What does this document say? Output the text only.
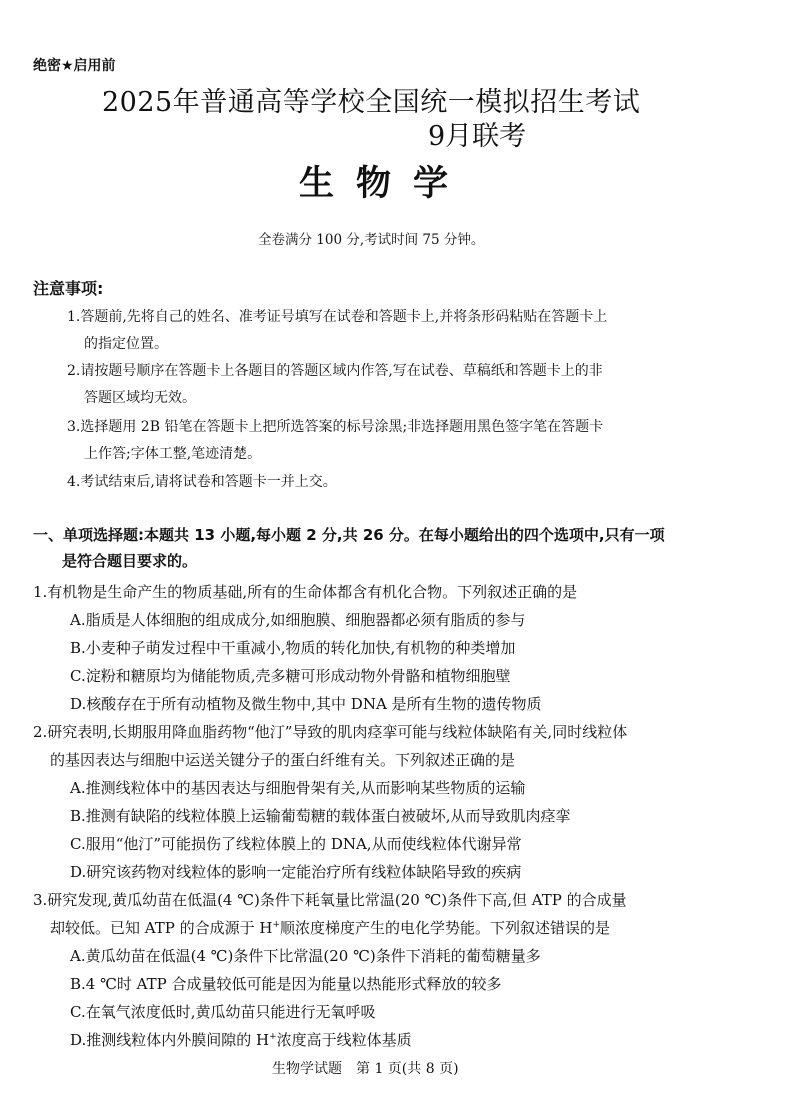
绝密★启用前
2025年普通高等学校全国统一模拟招生考试
9月联考
生物学
全卷满分 100 分,考试时间 75 分钟。
注意事项:
1.答题前,先将自己的姓名、准考证号填写在试卷和答题卡上,并将条形码粘贴在答题卡上
的指定位置。
2.请按题号顺序在答题卡上各题目的答题区域内作答,写在试卷、草稿纸和答题卡上的非
答题区域均无效。
3.选择题用 2B 铅笔在答题卡上把所选答案的标号涂黑;非选择题用黑色签字笔在答题卡
上作答;字体工整,笔迹清楚。
4.考试结束后,请将试卷和答题卡一并上交。
一、单项选择题:本题共 13 小题,每小题 2 分,共 26 分。在每小题给出的四个选项中,只有一项
是符合题目要求的。
1.有机物是生命产生的物质基础,所有的生命体都含有机化合物。下列叙述正确的是
A.脂质是人体细胞的组成成分,如细胞膜、细胞器都必须有脂质的参与
B.小麦种子萌发过程中干重减小,物质的转化加快,有机物的种类增加
C.淀粉和糖原均为储能物质,壳多糖可形成动物外骨骼和植物细胞壁
D.核酸存在于所有动植物及微生物中,其中 DNA 是所有生物的遗传物质
2.研究表明,长期服用降血脂药物“他汀”导致的肌肉痉挛可能与线粒体缺陷有关,同时线粒体
的基因表达与细胞中运送关键分子的蛋白纤维有关。下列叙述正确的是
A.推测线粒体中的基因表达与细胞骨架有关,从而影响某些物质的运输
B.推测有缺陷的线粒体膜上运输葡萄糖的载体蛋白被破坏,从而导致肌肉痉挛
C.服用“他汀”可能损伤了线粒体膜上的 DNA,从而使线粒体代谢异常
D.研究该药物对线粒体的影响一定能治疗所有线粒体缺陷导致的疾病
3.研究发现,黄瓜幼苗在低温(4 ℃)条件下耗氧量比常温(20 ℃)条件下高,但 ATP 的合成量
却较低。已知 ATP 的合成源于 H+顺浓度梯度产生的电化学势能。下列叙述错误的是
A.黄瓜幼苗在低温(4 ℃)条件下比常温(20 ℃)条件下消耗的葡萄糖量多
B.4 ℃时 ATP 合成量较低可能是因为能量以热能形式释放的较多
C.在氧气浓度低时,黄瓜幼苗只能进行无氧呼吸
D.推测线粒体内外膜间隙的 H+浓度高于线粒体基质
生物学试题　第 1 页(共 8 页)
